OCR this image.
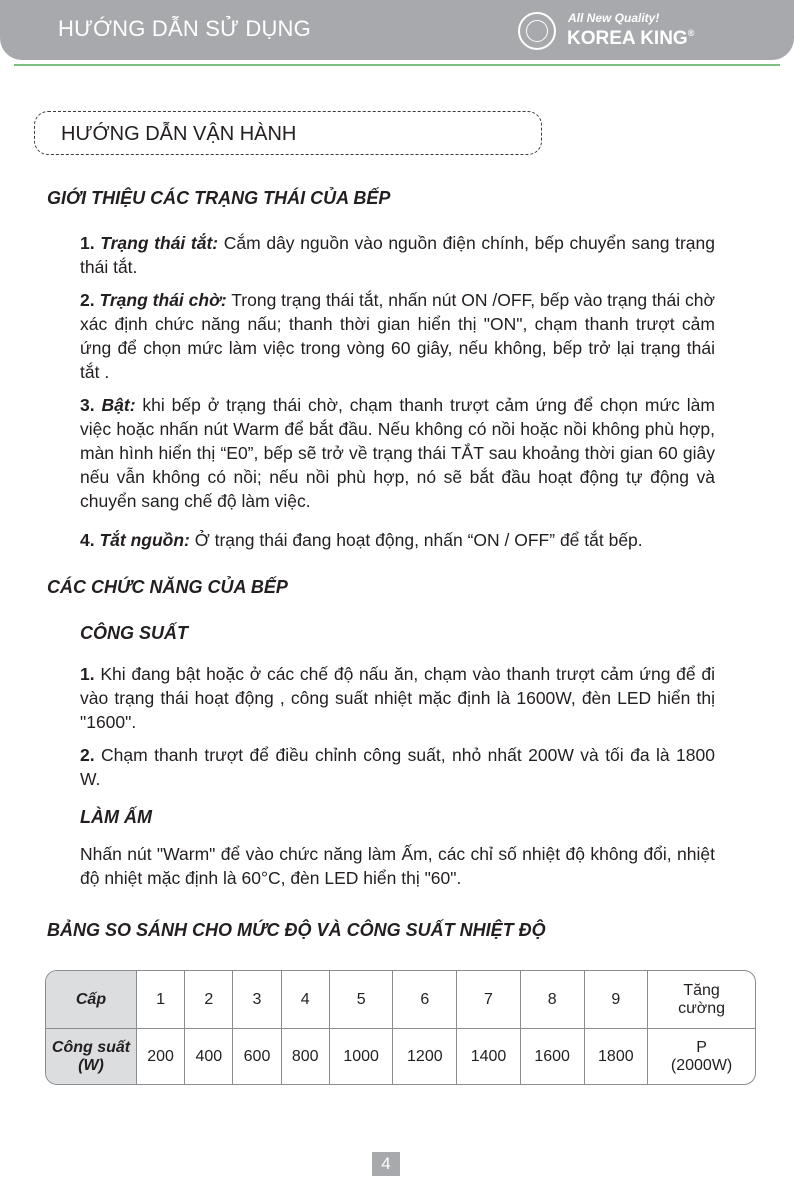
HƯỚNG DẪN SỬ DỤNG	All New Quality!
KOREA KING®
HƯỚNG DẪN VẬN HÀNH
GIỚI THIỆU CÁC TRẠNG THÁI CỦA BẾP

1. Trạng thái tắt: Cắm dây nguồn vào nguồn điện chính, bếp chuyển sang trạng thái tắt.

2. Trạng thái chờ: Trong trạng thái tắt, nhấn nút ON /OFF, bếp vào trạng thái chờ xác định chức năng nấu; thanh thời gian hiển thị "ON", chạm thanh trượt cảm ứng để chọn mức làm việc trong vòng 60 giây, nếu không, bếp trở lại trạng thái tắt .

3. Bật: khi bếp ở trạng thái chờ, chạm thanh trượt cảm ứng để chọn mức làm việc hoặc nhấn nút Warm để bắt đầu. Nếu không có nồi hoặc nồi không phù hợp, màn hình hiển thị “E0”, bếp sẽ trở về trạng thái TẮT sau khoảng thời gian 60 giây nếu vẫn không có nồi; nếu nồi phù hợp, nó sẽ bắt đầu hoạt động tự động và chuyển sang chế độ làm việc.

4. Tắt nguồn: Ở trạng thái đang hoạt động, nhấn “ON / OFF” để tắt bếp.

CÁC CHỨC NĂNG CỦA BẾP
CÔNG SUẤT

1. Khi đang bật hoặc ở các chế độ nấu ăn, chạm vào thanh trượt cảm ứng để đi vào trạng thái hoạt động , công suất nhiệt mặc định là 1600W, đèn LED hiển thị "1600".

2. Chạm thanh trượt để điều chỉnh công suất, nhỏ nhất 200W và tối đa là 1800 W.

LÀM ẤM

Nhấn nút "Warm" để vào chức năng làm Ấm, các chỉ số nhiệt độ không đổi, nhiệt độ nhiệt mặc định là 60°C, đèn LED hiển thị "60".

BẢNG SO SÁNH CHO MỨC ĐỘ VÀ CÔNG SUẤT NHIỆT ĐỘ
Cấp	1	2	3	4	5	6	7	8	9	Tăng
cường
Công suất
(W)	200	400	600	800	1000	1200	1400	1600	1800	P
(2000W)
4
